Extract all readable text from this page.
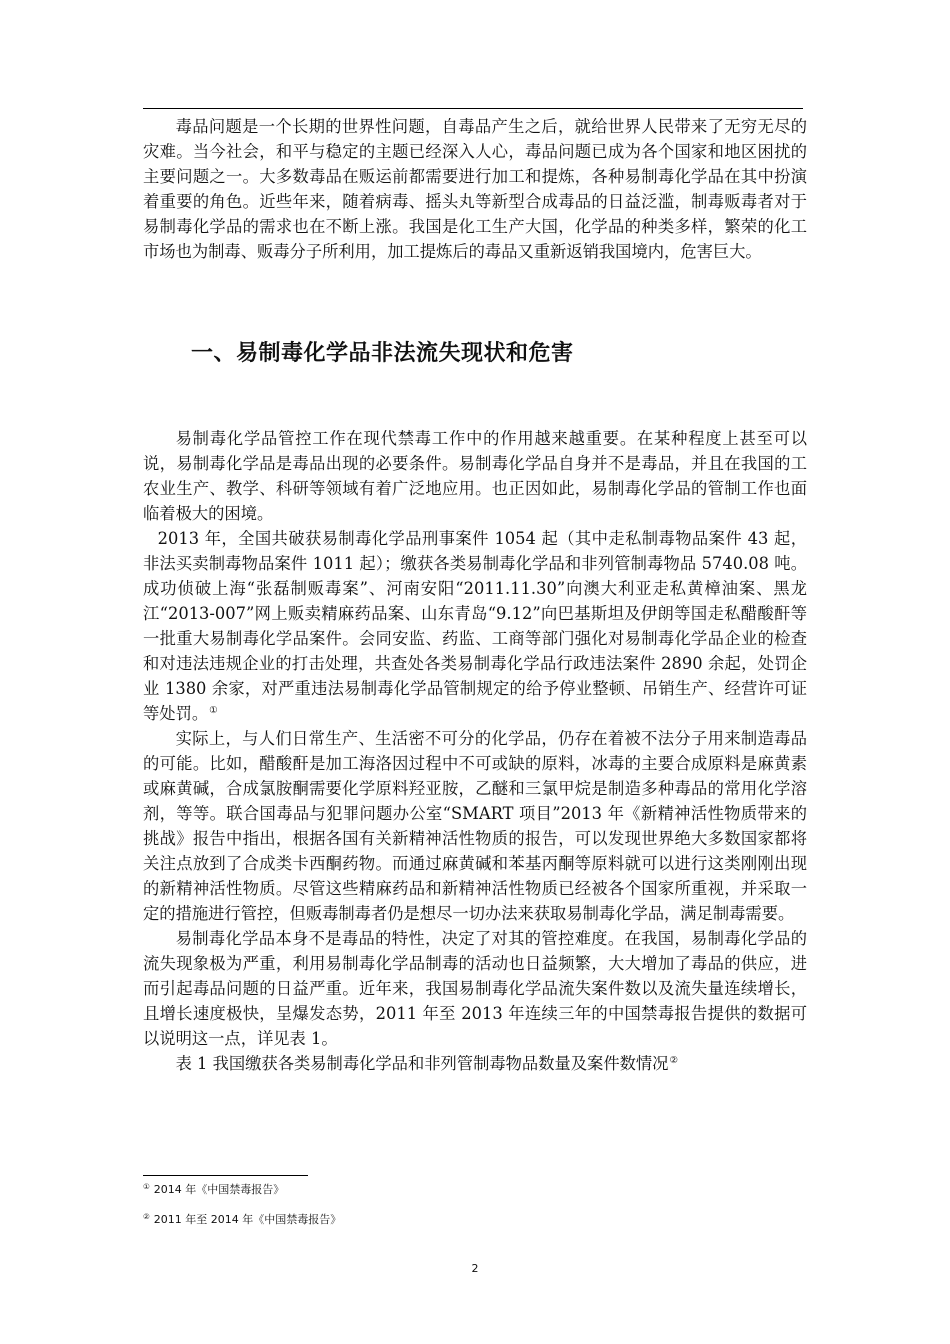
毒品问题是一个长期的世界性问题，自毒品产生之后，就给世界人民带来了无穷无尽的灾难。当今社会，和平与稳定的主题已经深入人心，毒品问题已成为各个国家和地区困扰的主要问题之一。大多数毒品在贩运前都需要进行加工和提炼，各种易制毒化学品在其中扮演着重要的角色。近些年来，随着病毒、摇头丸等新型合成毒品的日益泛滥，制毒贩毒者对于易制毒化学品的需求也在不断上涨。我国是化工生产大国，化学品的种类多样，繁荣的化工市场也为制毒、贩毒分子所利用，加工提炼后的毒品又重新返销我国境内，危害巨大。

一、易制毒化学品非法流失现状和危害

易制毒化学品管控工作在现代禁毒工作中的作用越来越重要。在某种程度上甚至可以说，易制毒化学品是毒品出现的必要条件。易制毒化学品自身并不是毒品，并且在我国的工农业生产、教学、科研等领域有着广泛地应用。也正因如此，易制毒化学品的管制工作也面临着极大的困境。

2013 年，全国共破获易制毒化学品刑事案件 1054 起（其中走私制毒物品案件 43 起，非法买卖制毒物品案件 1011 起）；缴获各类易制毒化学品和非列管制毒物品 5740.08 吨。成功侦破上海“张磊制贩毒案”、河南安阳“2011.11.30”向澳大利亚走私黄樟油案、黑龙江“2013-007”网上贩卖精麻药品案、山东青岛“9.12”向巴基斯坦及伊朗等国走私醋酸酐等一批重大易制毒化学品案件。会同安监、药监、工商等部门强化对易制毒化学品企业的检查和对违法违规企业的打击处理，共查处各类易制毒化学品行政违法案件 2890 余起，处罚企业 1380 余家，对严重违法易制毒化学品管制规定的给予停业整顿、吊销生产、经营许可证等处罚。①

实际上，与人们日常生产、生活密不可分的化学品，仍存在着被不法分子用来制造毒品的可能。比如，醋酸酐是加工海洛因过程中不可或缺的原料，冰毒的主要合成原料是麻黄素或麻黄碱，合成氯胺酮需要化学原料羟亚胺，乙醚和三氯甲烷是制造多种毒品的常用化学溶剂，等等。联合国毒品与犯罪问题办公室“SMART 项目”2013 年《新精神活性物质带来的挑战》报告中指出，根据各国有关新精神活性物质的报告，可以发现世界绝大多数国家都将关注点放到了合成类卡西酮药物。而通过麻黄碱和苯基丙酮等原料就可以进行这类刚刚出现的新精神活性物质。尽管这些精麻药品和新精神活性物质已经被各个国家所重视，并采取一定的措施进行管控，但贩毒制毒者仍是想尽一切办法来获取易制毒化学品，满足制毒需要。

易制毒化学品本身不是毒品的特性，决定了对其的管控难度。在我国，易制毒化学品的流失现象极为严重，利用易制毒化学品制毒的活动也日益频繁，大大增加了毒品的供应，进而引起毒品问题的日益严重。近年来，我国易制毒化学品流失案件数以及流失量连续增长，且增长速度极快，呈爆发态势，2011 年至 2013 年连续三年的中国禁毒报告提供的数据可以说明这一点，详见表 1。

表 1 我国缴获各类易制毒化学品和非列管制毒物品数量及案件数情况②

① 2014 年《中国禁毒报告》
② 2011 年至 2014 年《中国禁毒报告》
2
